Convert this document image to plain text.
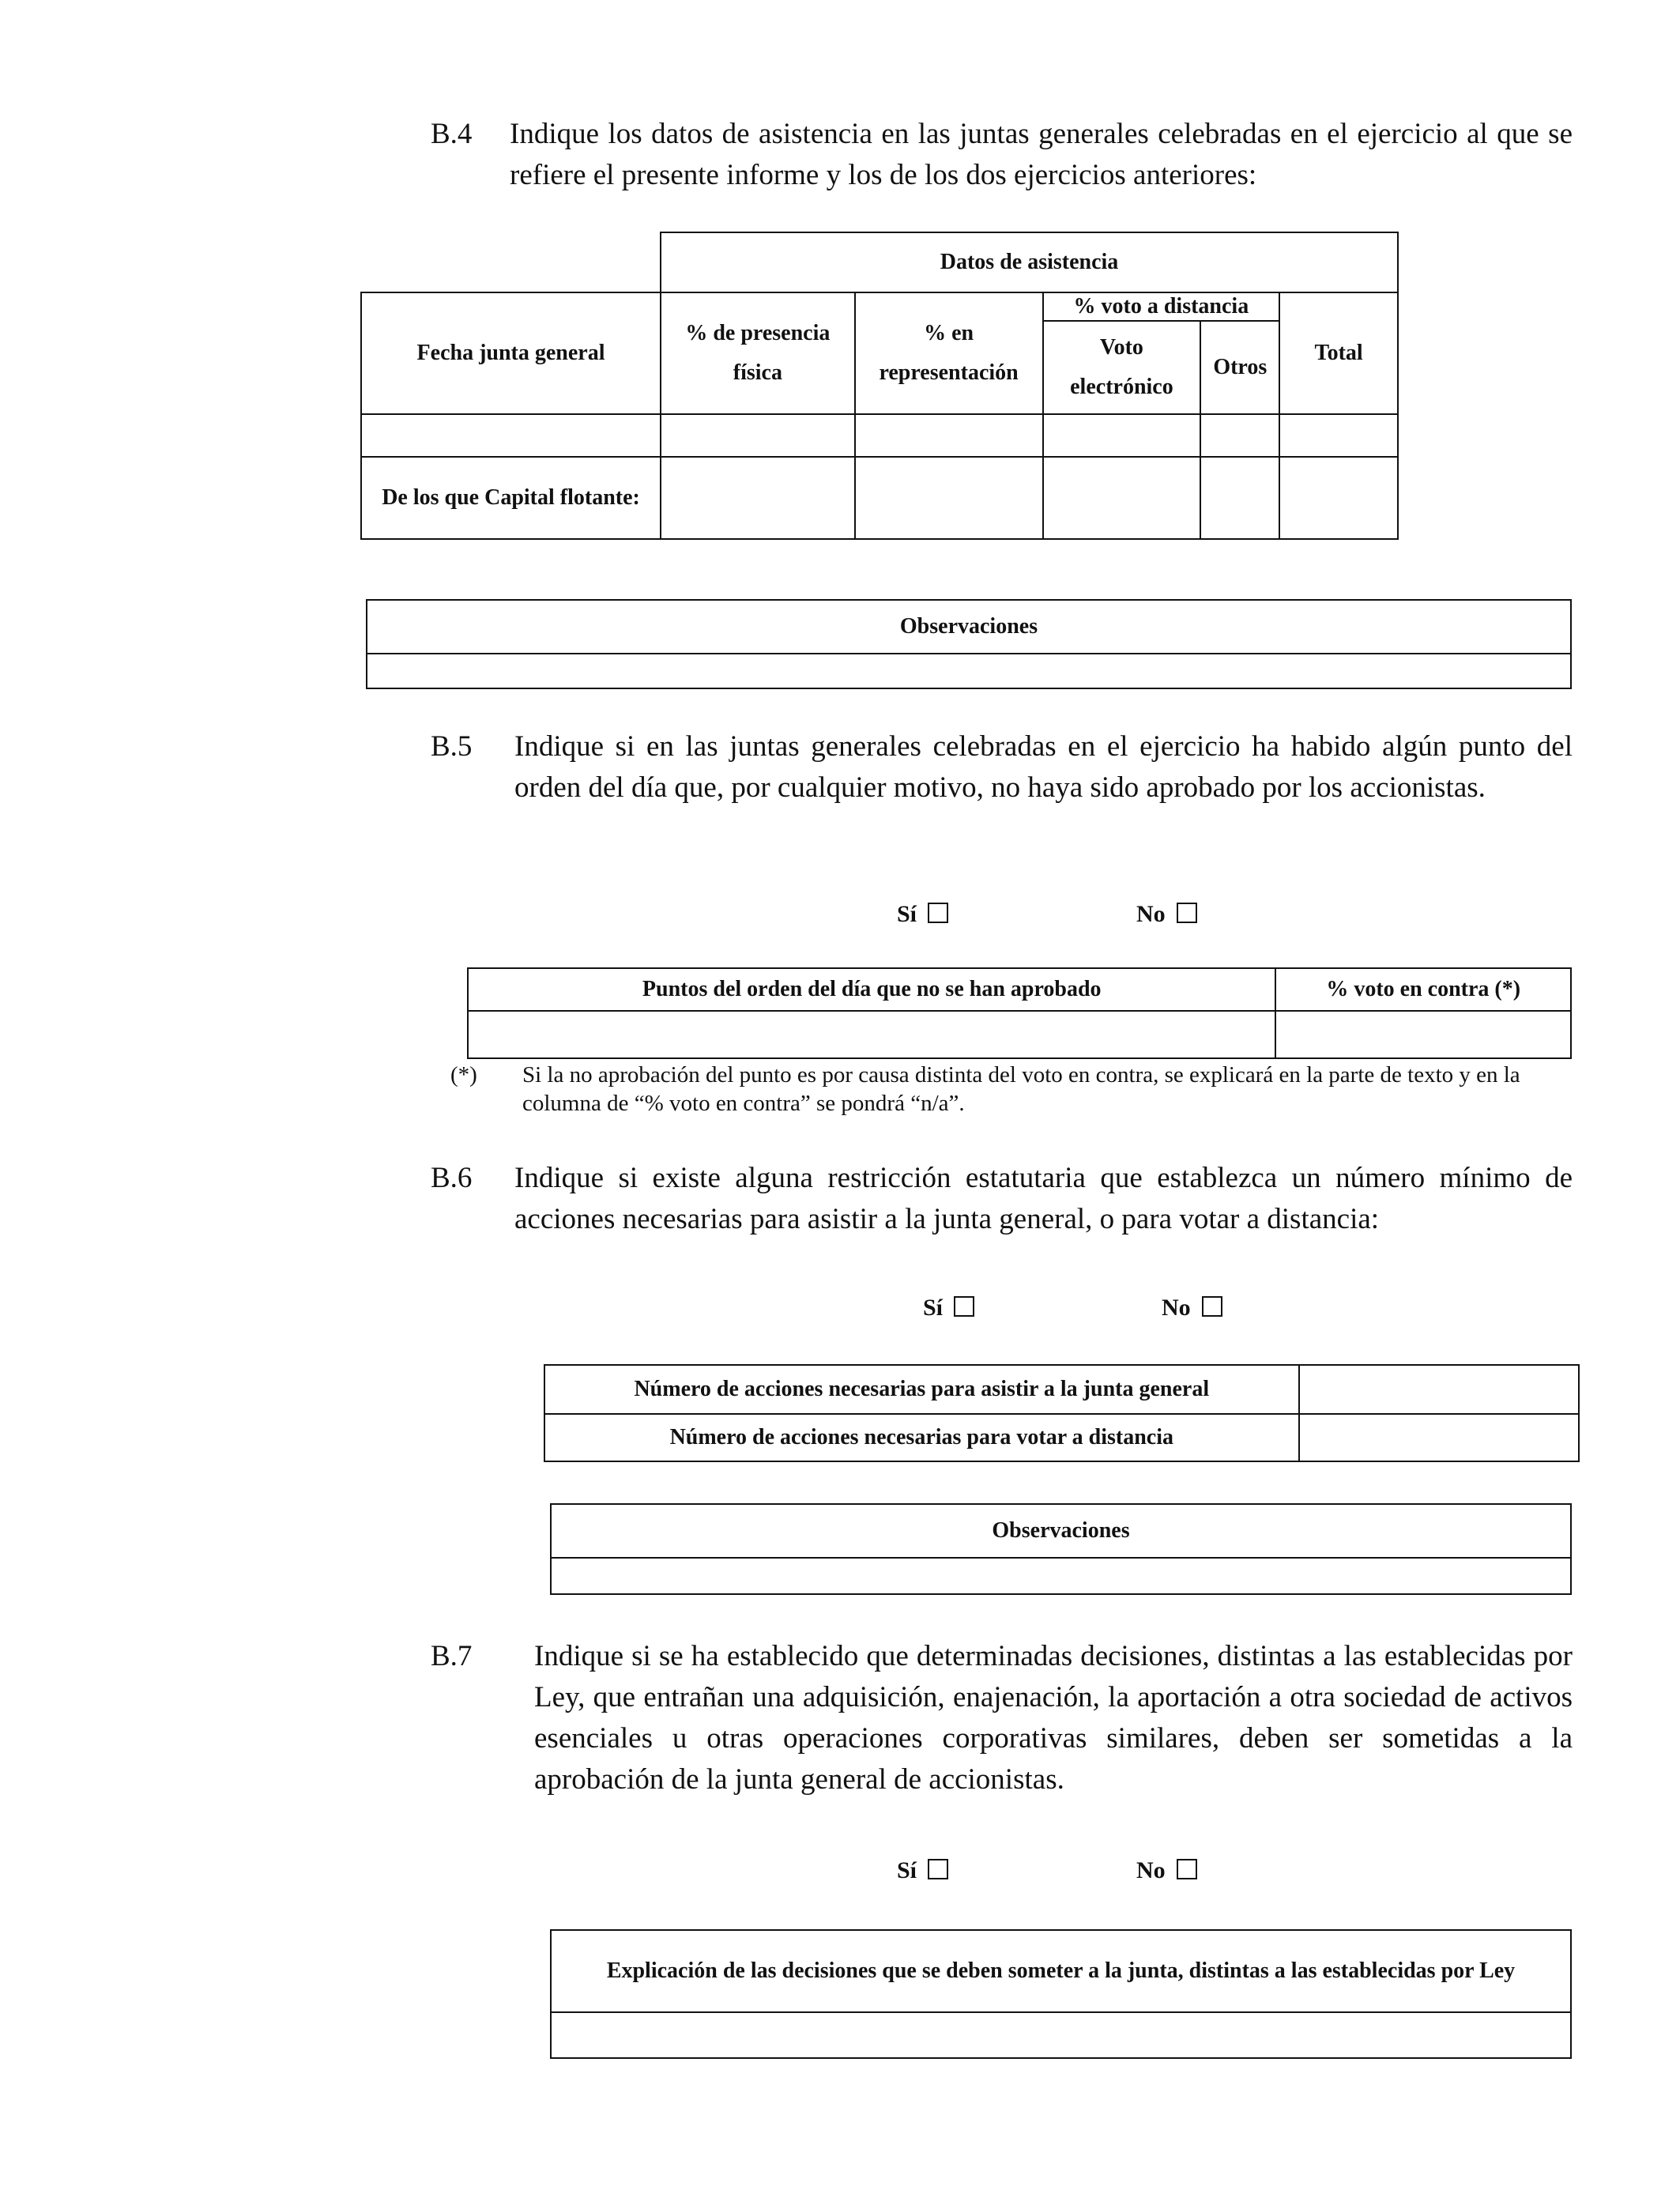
B.4 Indique los datos de asistencia en las juntas generales celebradas en el ejercicio al que se refiere el presente informe y los de los dos ejercicios anteriores:
	Datos de asistencia				
Fecha junta general	% de presencia física	% en representación	% voto a distancia		Total
			Voto electrónico	Otros	

De los que Capital flotante:					
Observaciones

B.5 Indique si en las juntas generales celebradas en el ejercicio ha habido algún punto del orden del día que, por cualquier motivo, no haya sido aprobado por los accionistas.
Sí	No
Puntos del orden del día que no se han aprobado	% voto en contra (*)

(*) Si la no aprobación del punto es por causa distinta del voto en contra, se explicará en la parte de texto y en la columna de “% voto en contra” se pondrá “n/a”.
B.6 Indique si existe alguna restricción estatutaria que establezca un número mínimo de acciones necesarias para asistir a la junta general, o para votar a distancia:
Sí	No
Número de acciones necesarias para asistir a la junta general	
Número de acciones necesarias para votar a distancia	
Observaciones

B.7 Indique si se ha establecido que determinadas decisiones, distintas a las establecidas por Ley, que entrañan una adquisición, enajenación, la aportación a otra sociedad de activos esenciales u otras operaciones corporativas similares, deben ser sometidas a la aprobación de la junta general de accionistas.
Sí	No
Explicación de las decisiones que se deben someter a la junta, distintas a las establecidas por Ley
